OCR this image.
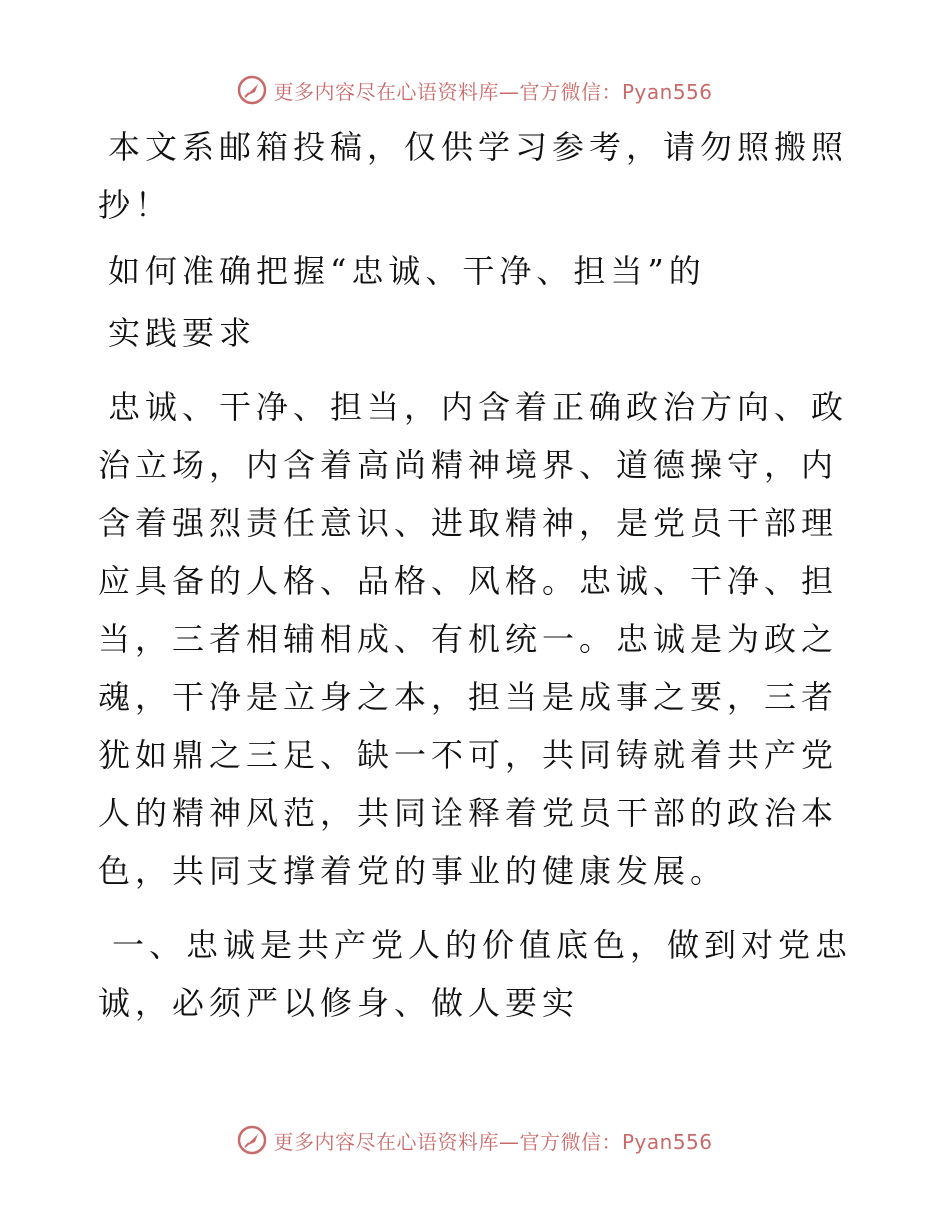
更多内容尽在心语资料库—官方微信：Pyan556

本文系邮箱投稿，仅供学习参考，请勿照搬照抄！

如何准确把握“忠诚、干净、担当”的

实践要求

忠诚、干净、担当，内含着正确政治方向、政治立场，内含着高尚精神境界、道德操守，内含着强烈责任意识、进取精神，是党员干部理应具备的人格、品格、风格。忠诚、干净、担当，三者相辅相成、有机统一。忠诚是为政之魂，干净是立身之本，担当是成事之要，三者犹如鼎之三足、缺一不可，共同铸就着共产党人的精神风范，共同诠释着党员干部的政治本色，共同支撑着党的事业的健康发展。

一、忠诚是共产党人的价值底色，做到对党忠诚，必须严以修身、做人要实

更多内容尽在心语资料库—官方微信：Pyan556
